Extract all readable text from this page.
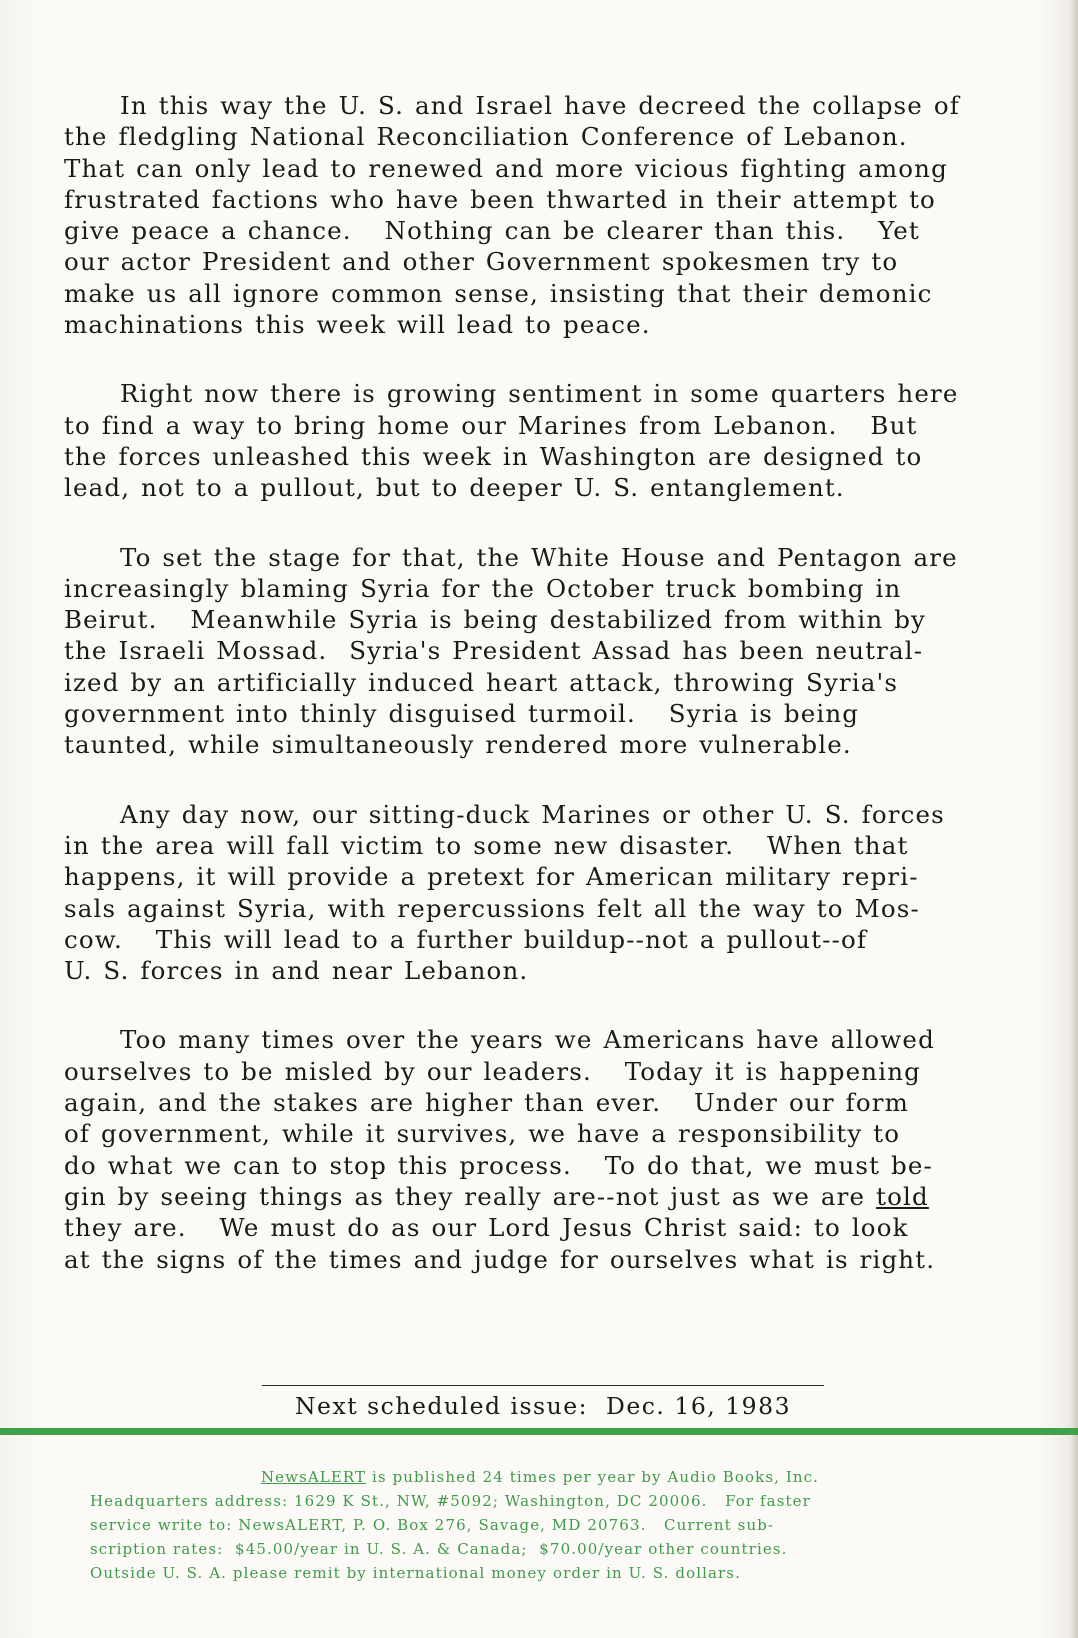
In this way the U. S. and Israel have decreed the collapse of
the fledgling National Reconciliation Conference of Lebanon.
That can only lead to renewed and more vicious fighting among
frustrated factions who have been thwarted in their attempt to
give peace a chance.   Nothing can be clearer than this.   Yet
our actor President and other Government spokesmen try to
make us all ignore common sense, insisting that their demonic
machinations this week will lead to peace.
Right now there is growing sentiment in some quarters here
to find a way to bring home our Marines from Lebanon.   But
the forces unleashed this week in Washington are designed to
lead, not to a pullout, but to deeper U. S. entanglement.
To set the stage for that, the White House and Pentagon are
increasingly blaming Syria for the October truck bombing in
Beirut.   Meanwhile Syria is being destabilized from within by
the Israeli Mossad.  Syria's President Assad has been neutral-
ized by an artificially induced heart attack, throwing Syria's
government into thinly disguised turmoil.   Syria is being
taunted, while simultaneously rendered more vulnerable.
Any day now, our sitting-duck Marines or other U. S. forces
in the area will fall victim to some new disaster.   When that
happens, it will provide a pretext for American military repri-
sals against Syria, with repercussions felt all the way to Mos-
cow.   This will lead to a further buildup--not a pullout--of
U. S. forces in and near Lebanon.
Too many times over the years we Americans have allowed
ourselves to be misled by our leaders.   Today it is happening
again, and the stakes are higher than ever.   Under our form
of government, while it survives, we have a responsibility to
do what we can to stop this process.   To do that, we must be-
gin by seeing things as they really are--not just as we are told
they are.   We must do as our Lord Jesus Christ said: to look
at the signs of the times and judge for ourselves what is right.
Next scheduled issue:  Dec. 16, 1983
NewsALERT is published 24 times per year by Audio Books, Inc.
Headquarters address: 1629 K St., NW, #5092; Washington, DC 20006.   For faster
service write to: NewsALERT, P. O. Box 276, Savage, MD 20763.   Current sub-
scription rates:  $45.00/year in U. S. A. & Canada;  $70.00/year other countries.
Outside U. S. A. please remit by international money order in U. S. dollars.
